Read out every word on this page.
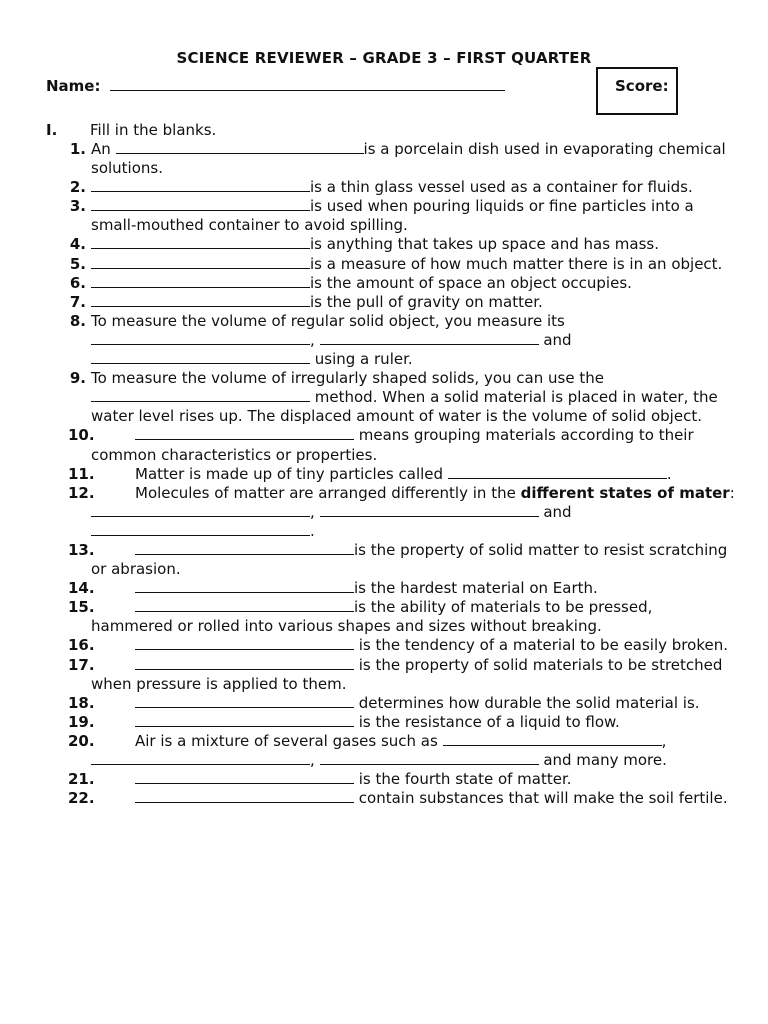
SCIENCE REVIEWER – GRADE 3 – FIRST QUARTER
Name:	Score:
I. Fill in the blanks.
1. An	is a porcelain dish used in evaporating chemical solutions.
2.	is a thin glass vessel used as a container for fluids.
3.	is used when pouring liquids or fine particles into a small-mouthed container to avoid spilling.
4.	is anything that takes up space and has mass.
5.	is a measure of how much matter there is in an object.
6.	is the amount of space an object occupies.
7.	is the pull of gravity on matter.
8. To measure the volume of regular solid object, you measure its ,	and  using a ruler.
9. To measure the volume of irregularly shaped solids, you can use the  method. When a solid material is placed in water, the water level rises up. The displaced amount of water is the volume of solid object.
10.	means grouping materials according to their common characteristics or properties.
11.	Matter is made up of tiny particles called	.
12.	Molecules of matter are arranged differently in the different states of mater: ,	and .
13.	is the property of solid matter to resist scratching or abrasion.
14.	is the hardest material on Earth.
15.	is the ability of materials to be pressed, hammered or rolled into various shapes and sizes without breaking.
16.	is the tendency of a material to be easily broken.
17.	is the property of solid materials to be stretched when pressure is applied to them.
18.	determines how durable the solid material is.
19.	is the resistance of a liquid to flow.
20.	Air is a mixture of several gases such as	, ,	and many more.
21.	is the fourth state of matter.
22.	contain substances that will make the soil fertile.
